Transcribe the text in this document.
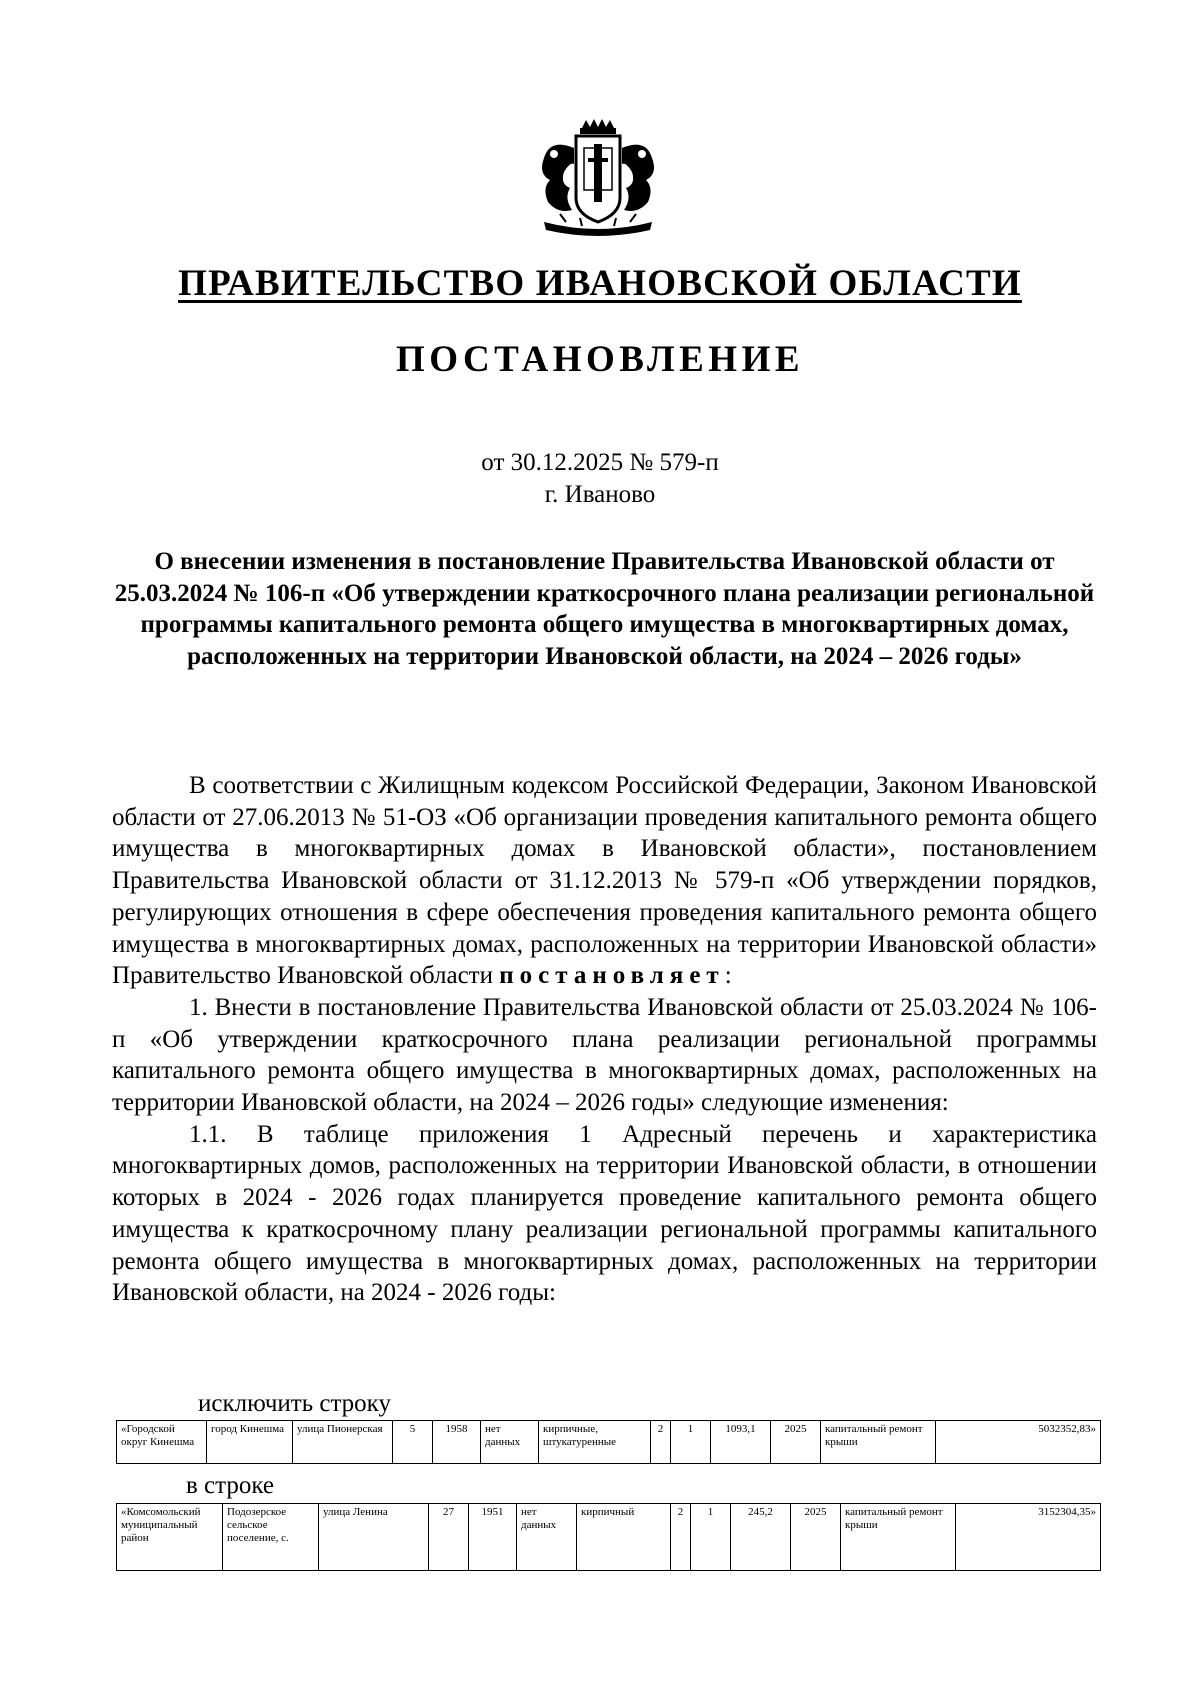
ПРАВИТЕЛЬСТВО ИВАНОВСКОЙ ОБЛАСТИ
ПОСТАНОВЛЕНИЕ
от 30.12.2025 № 579-п
г. Иваново
О внесении изменения в постановление Правительства Ивановской области от 25.03.2024 № 106-п «Об утверждении краткосрочного плана реализации региональной программы капитального ремонта общего имущества в многоквартирных домах, расположенных на территории Ивановской области, на 2024 – 2026 годы»

В соответствии с Жилищным кодексом Российской Федерации, Законом Ивановской области от 27.06.2013 № 51-ОЗ «Об организации проведения капитального ремонта общего имущества в многоквартирных домах в Ивановской области», постановлением Правительства Ивановской области от 31.12.2013 № 579-п «Об утверждении порядков, регулирующих отношения в сфере обеспечения проведения капитального ремонта общего имущества в многоквартирных домах, расположенных на территории Ивановской области» Правительство Ивановской области постановляет:

1. Внести в постановление Правительства Ивановской области от 25.03.2024 № 106-п «Об утверждении краткосрочного плана реализации региональной программы капитального ремонта общего имущества в многоквартирных домах, расположенных на территории Ивановской области, на 2024 – 2026 годы» следующие изменения:

1.1. В таблице приложения 1 Адресный перечень и характеристика многоквартирных домов, расположенных на территории Ивановской области, в отношении которых в 2024 - 2026 годах планируется проведение капитального ремонта общего имущества к краткосрочному плану реализации региональной программы капитального ремонта общего имущества в многоквартирных домах, расположенных на территории Ивановской области, на 2024 - 2026 годы:

исключить строку
«Городской округ Кинешма	город Кинешма	улица Пионерская	5	1958	нет данных	кирпичные, штукатуренные	2	1	1093,1	2025	капитальный ремонт крыши	5032352,83»
в строке
«Комсомольский муниципальный район	Подозерское сельское поселение, с.	улица Ленина	27	1951	нет данных	кирпичный	2	1	245,2	2025	капитальный ремонт крыши	3152304,35»
